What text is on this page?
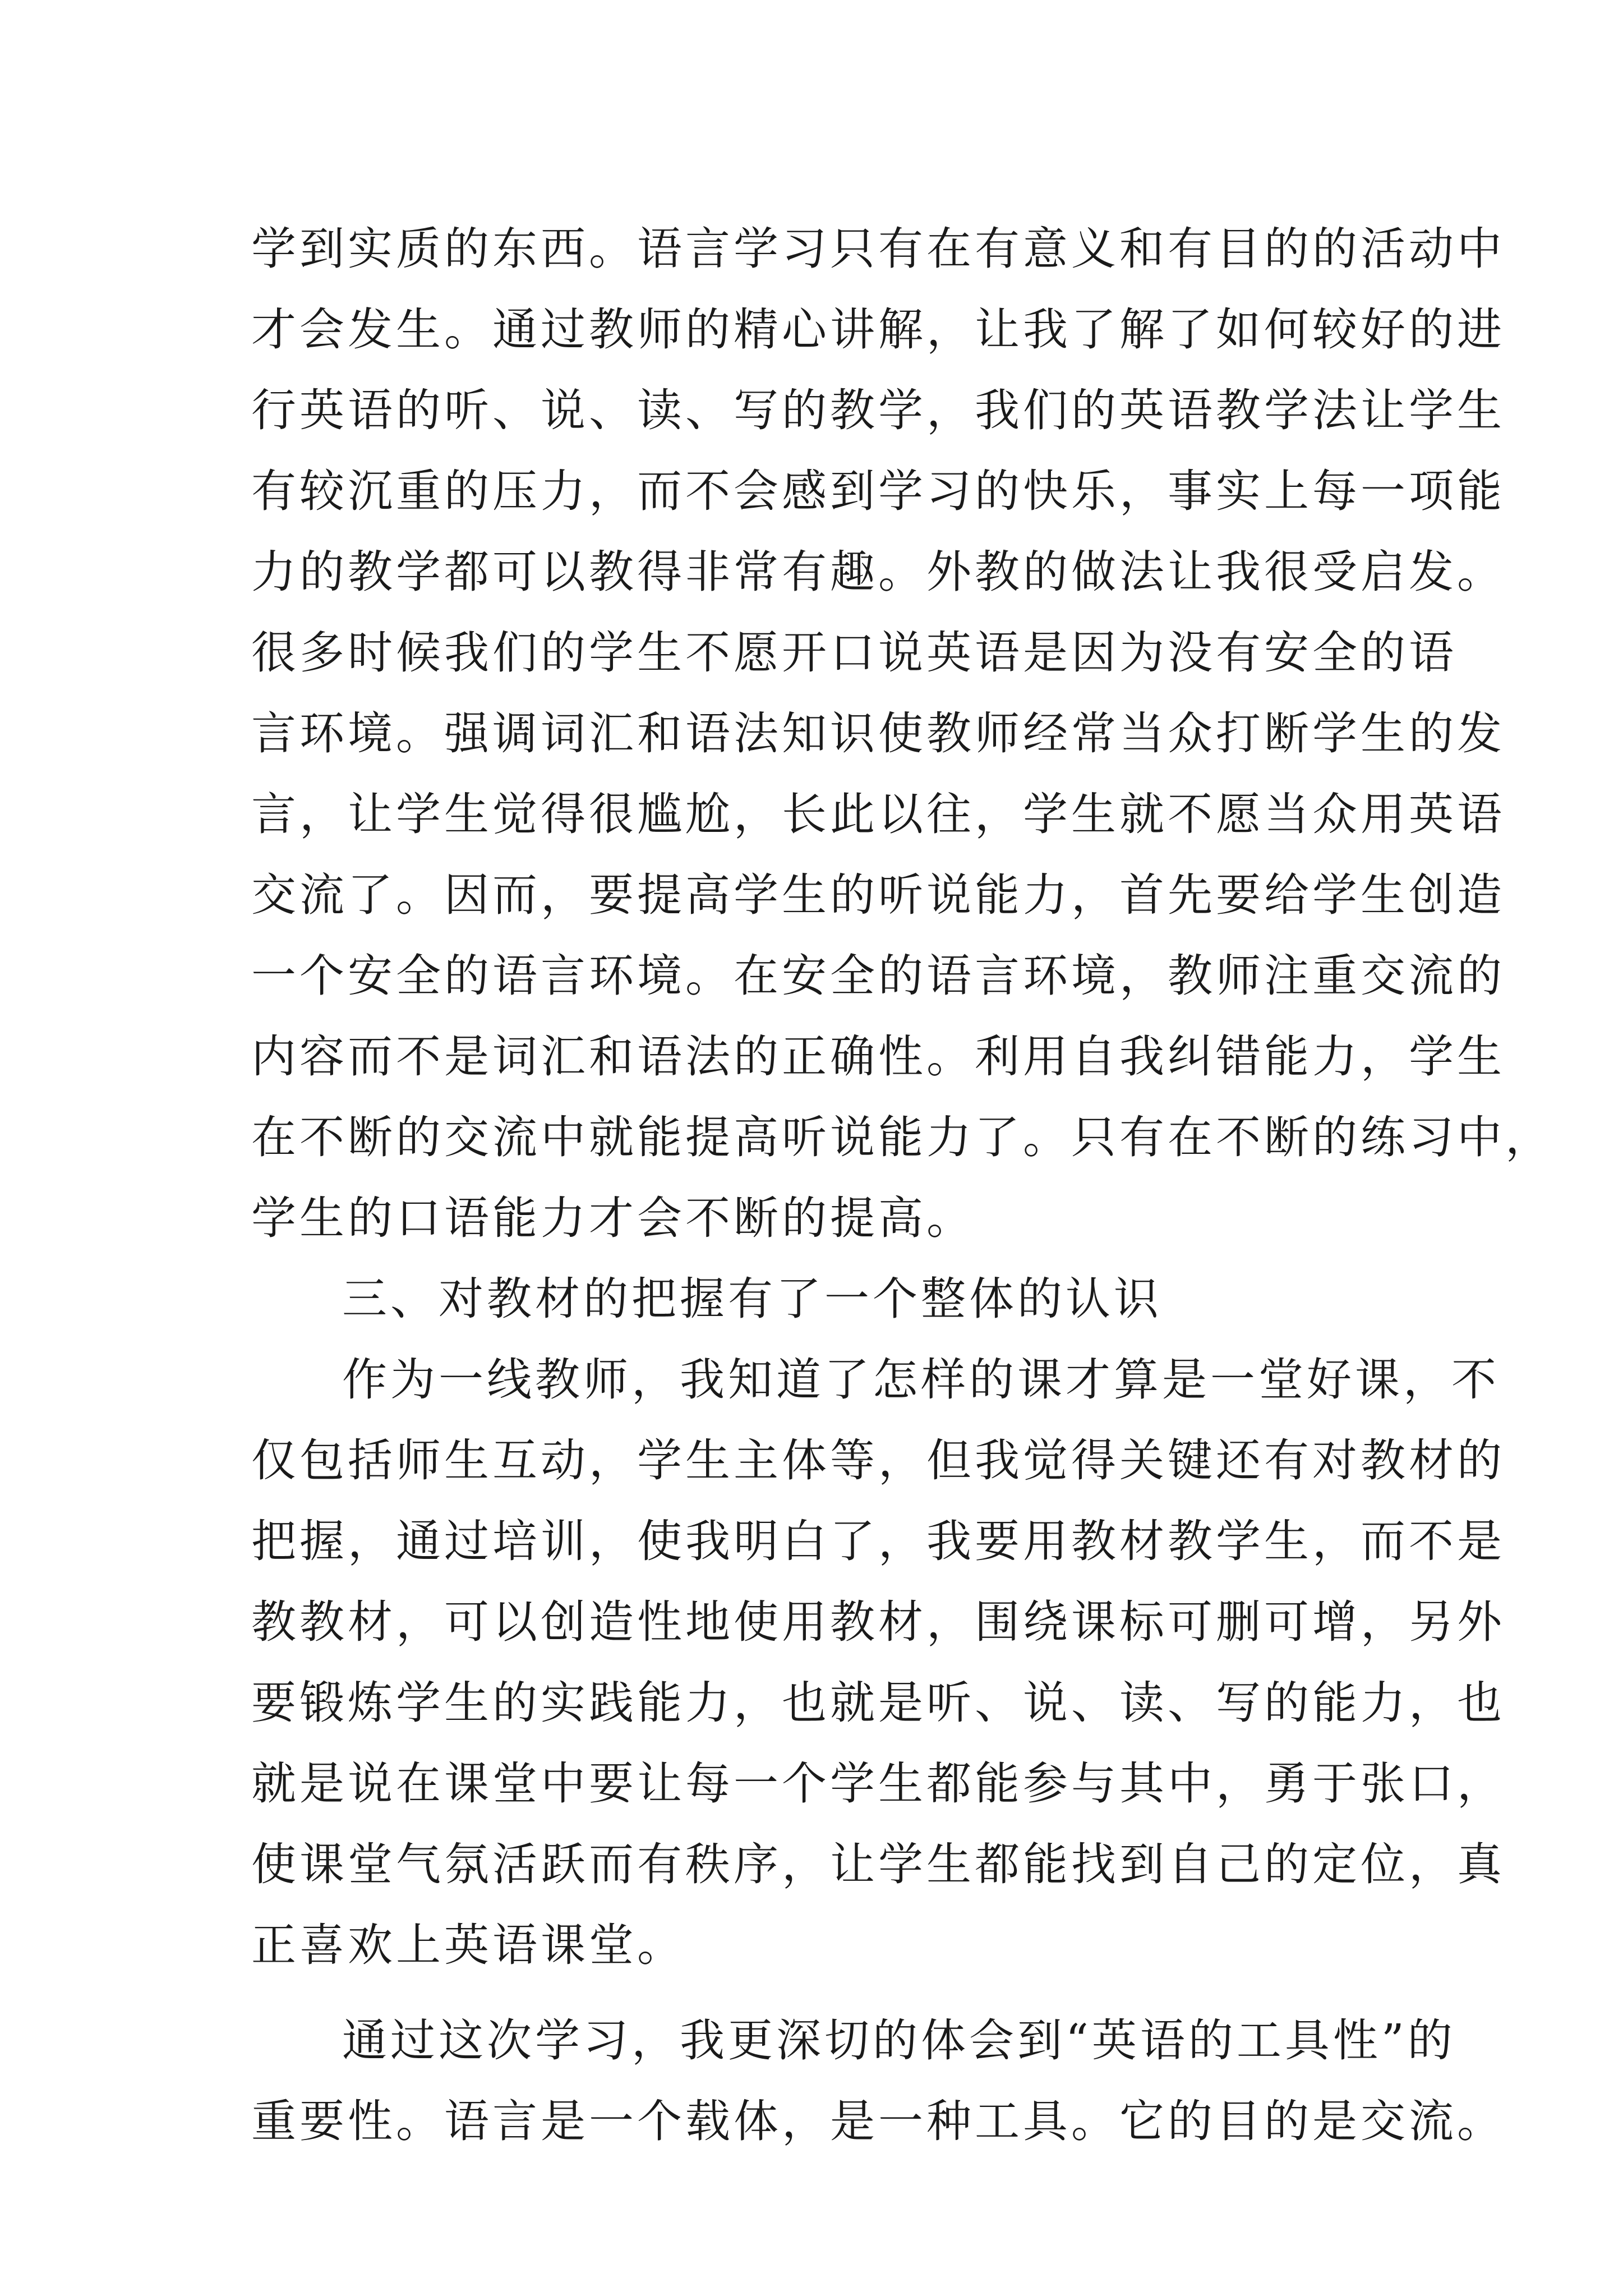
学到实质的东西。语言学习只有在有意义和有目的的活动中
才会发生。通过教师的精心讲解，让我了解了如何较好的进
行英语的听、说、读、写的教学，我们的英语教学法让学生
有较沉重的压力，而不会感到学习的快乐，事实上每一项能
力的教学都可以教得非常有趣。外教的做法让我很受启发。
很多时候我们的学生不愿开口说英语是因为没有安全的语
言环境。强调词汇和语法知识使教师经常当众打断学生的发
言，让学生觉得很尴尬，长此以往，学生就不愿当众用英语
交流了。因而，要提高学生的听说能力，首先要给学生创造
一个安全的语言环境。在安全的语言环境，教师注重交流的
内容而不是词汇和语法的正确性。利用自我纠错能力，学生
在不断的交流中就能提高听说能力了。只有在不断的练习中，
学生的口语能力才会不断的提高。
三、对教材的把握有了一个整体的认识
作为一线教师，我知道了怎样的课才算是一堂好课，不
仅包括师生互动，学生主体等，但我觉得关键还有对教材的
把握，通过培训，使我明白了，我要用教材教学生，而不是
教教材，可以创造性地使用教材，围绕课标可删可增，另外
要锻炼学生的实践能力，也就是听、说、读、写的能力，也
就是说在课堂中要让每一个学生都能参与其中，勇于张口，
使课堂气氛活跃而有秩序，让学生都能找到自己的定位，真
正喜欢上英语课堂。
通过这次学习，我更深切的体会到“英语的工具性”的
重要性。语言是一个载体，是一种工具。它的目的是交流。
